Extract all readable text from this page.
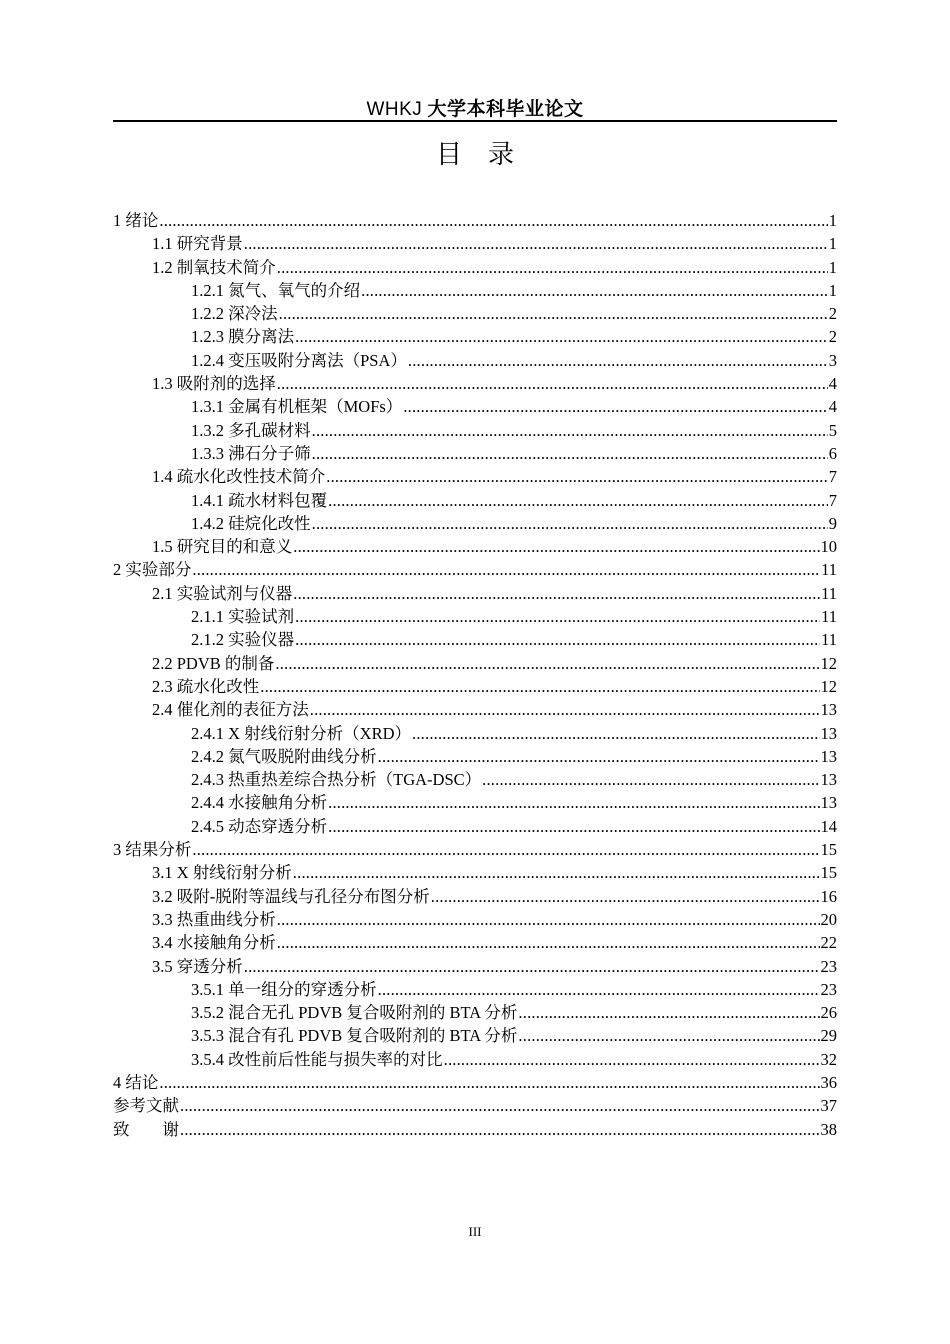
WHKJ 大学本科毕业论文
目录
1 绪论 .....	1
1.1 研究背景 .....	1
1.2 制氧技术简介 .....	1
1.2.1 氮气、氧气的介绍 .....	1
1.2.2 深冷法 .....	2
1.2.3 膜分离法 .....	2
1.2.4 变压吸附分离法（PSA） .....	3
1.3 吸附剂的选择 .....	4
1.3.1 金属有机框架（MOFs） .....	4
1.3.2 多孔碳材料 .....	5
1.3.3 沸石分子筛 .....	6
1.4 疏水化改性技术简介 .....	7
1.4.1 疏水材料包覆 .....	7
1.4.2 硅烷化改性 .....	9
1.5 研究目的和意义 .....	10
2 实验部分 .....	11
2.1 实验试剂与仪器 .....	11
2.1.1 实验试剂 .....	11
2.1.2 实验仪器 .....	11
2.2 PDVB 的制备 .....	12
2.3 疏水化改性 .....	12
2.4 催化剂的表征方法 .....	13
2.4.1 X 射线衍射分析（XRD） .....	13
2.4.2 氮气吸脱附曲线分析 .....	13
2.4.3 热重热差综合热分析（TGA-DSC） .....	13
2.4.4 水接触角分析 .....	13
2.4.5 动态穿透分析 .....	14
3 结果分析 .....	15
3.1 X 射线衍射分析 .....	15
3.2 吸附-脱附等温线与孔径分布图分析 .....	16
3.3 热重曲线分析 .....	20
3.4 水接触角分析 .....	22
3.5 穿透分析 .....	23
3.5.1 单一组分的穿透分析 .....	23
3.5.2 混合无孔 PDVB 复合吸附剂的 BTA 分析 .....	26
3.5.3 混合有孔 PDVB 复合吸附剂的 BTA 分析 .....	29
3.5.4 改性前后性能与损失率的对比 .....	32
4 结论 .....	36
参考文献 .....	37
致　　谢 .....	38
III
